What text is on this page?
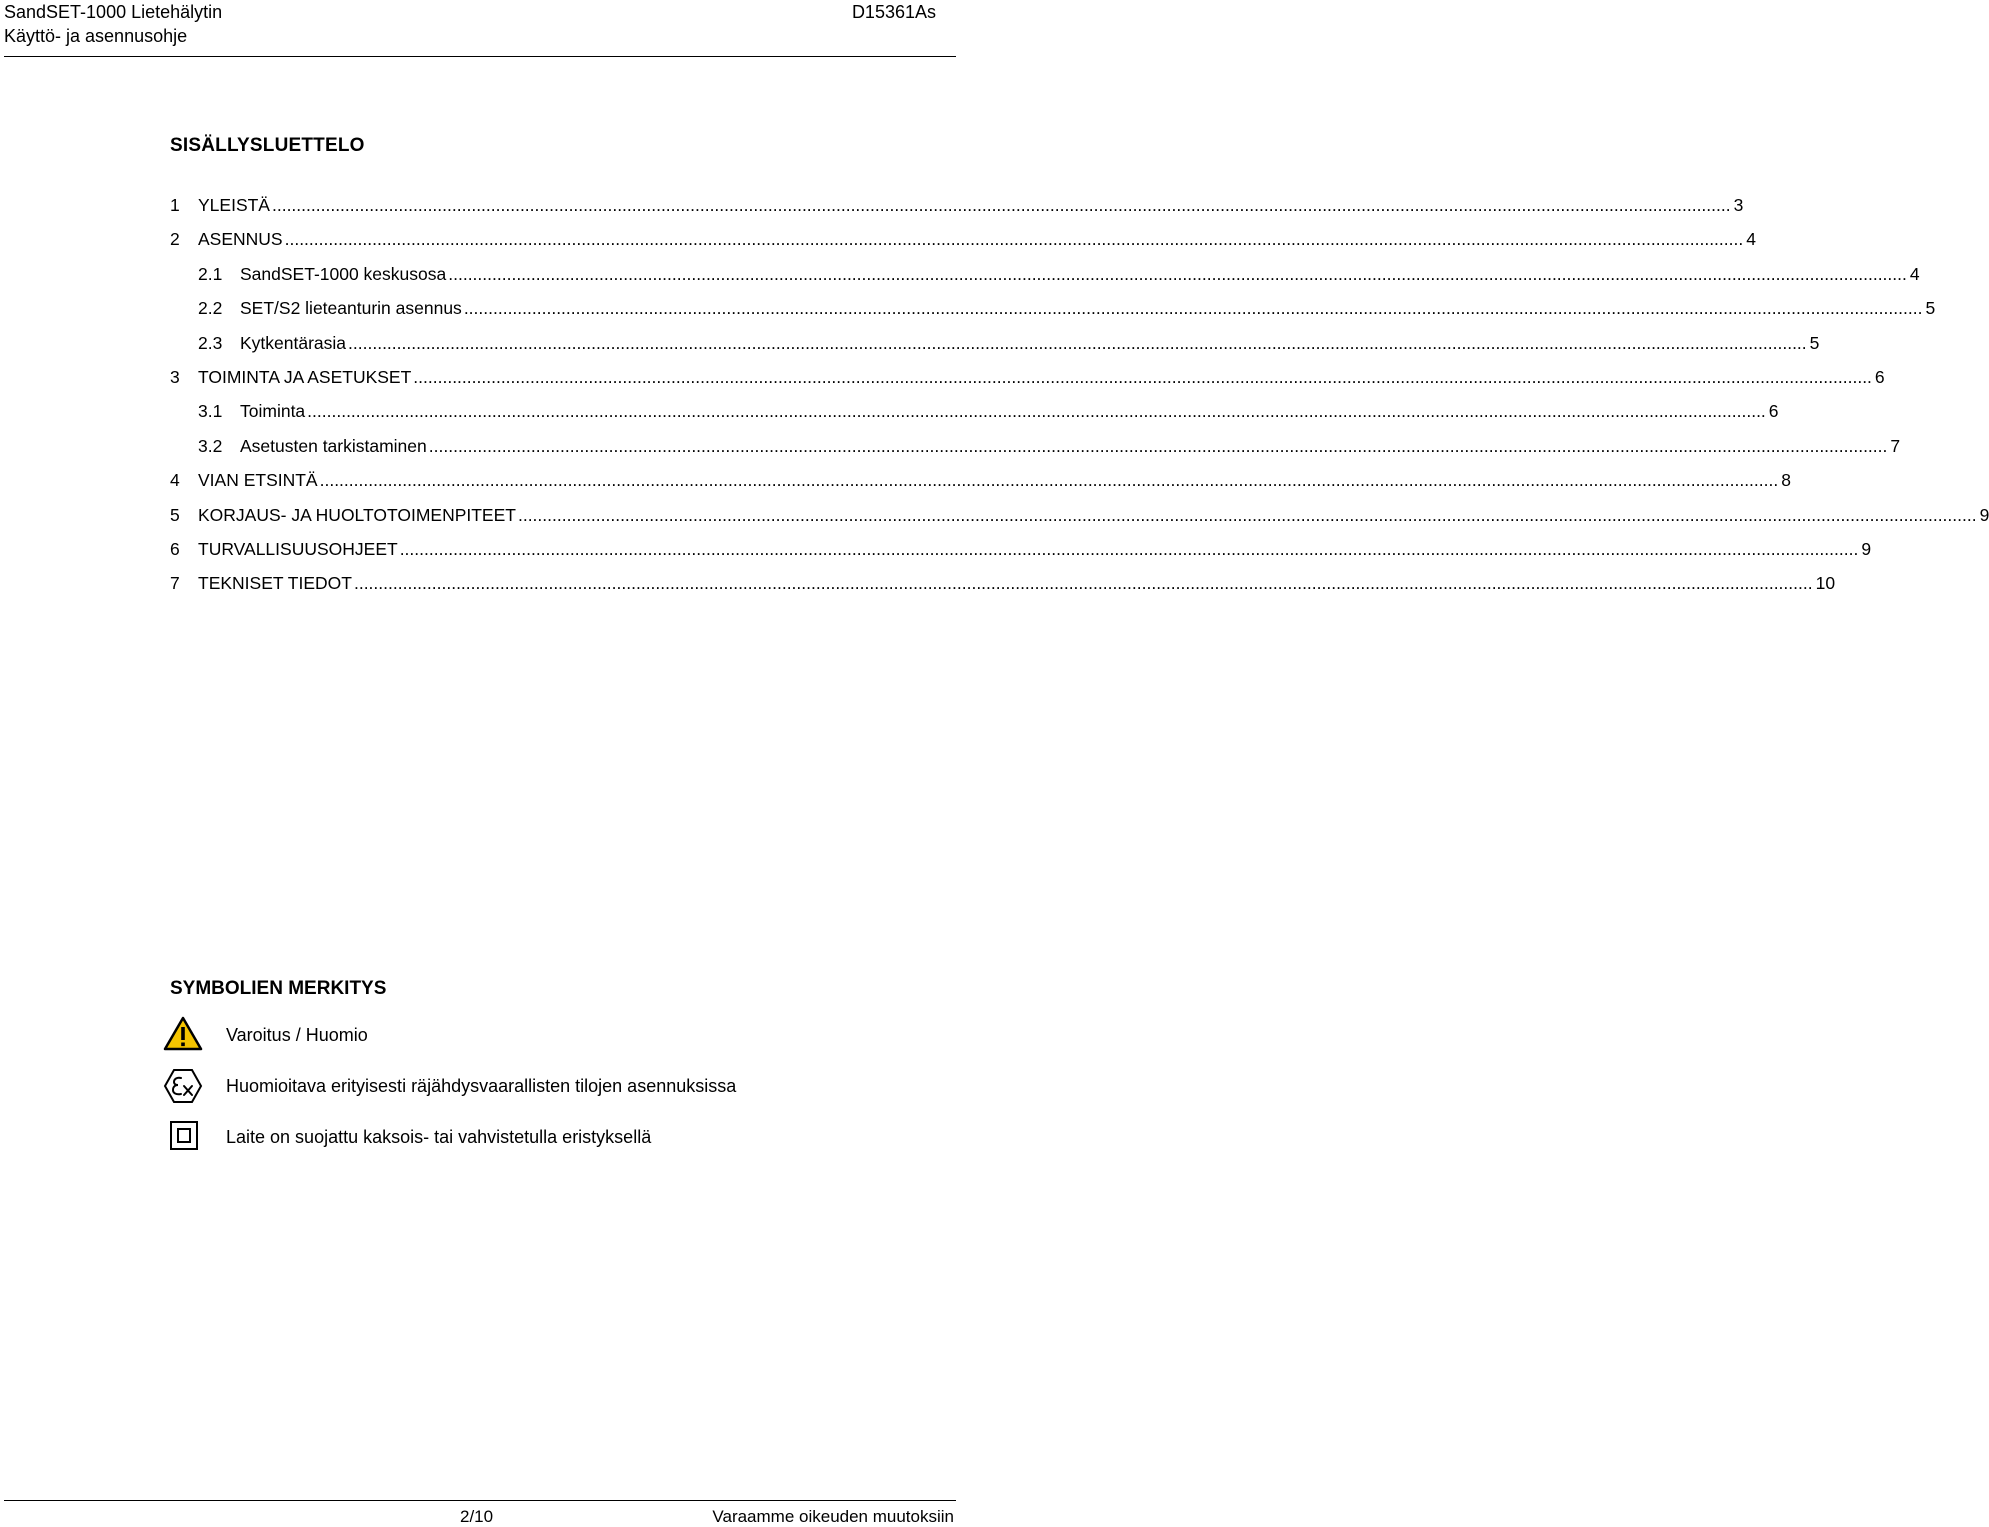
SandSET-1000 Lietehälytin
Käyttö- ja asennusohje
D15361As
SISÄLLYSLUETTELO
1	YLEISTÄ ............................................................................................................................................................................................................................................................................................................ 3
2	ASENNUS ............................................................................................................................................................................................................................................................................................................ 4
2.1	SandSET-1000 keskusosa ............................................................................................................................................................................................................................................................................................................ 4
2.2	SET/S2 lieteanturin asennus ............................................................................................................................................................................................................................................................................................................ 5
2.3	Kytkentärasia ............................................................................................................................................................................................................................................................................................................ 5
3	TOIMINTA JA ASETUKSET ............................................................................................................................................................................................................................................................................................................ 6
3.1	Toiminta ............................................................................................................................................................................................................................................................................................................ 6
3.2	Asetusten tarkistaminen ............................................................................................................................................................................................................................................................................................................ 7
4	VIAN ETSINTÄ ............................................................................................................................................................................................................................................................................................................ 8
5	KORJAUS- JA HUOLTOTOIMENPITEET ............................................................................................................................................................................................................................................................................................................ 9
6	TURVALLISUUSOHJEET ............................................................................................................................................................................................................................................................................................................ 9
7	TEKNISET TIEDOT ............................................................................................................................................................................................................................................................................................................ 10
SYMBOLIEN MERKITYS
Varoitus / Huomio
Huomioitava erityisesti räjähdysvaarallisten tilojen asennuksissa
Laite on suojattu kaksois- tai vahvistetulla eristyksellä
2/10	Varaamme oikeuden muutoksiin
